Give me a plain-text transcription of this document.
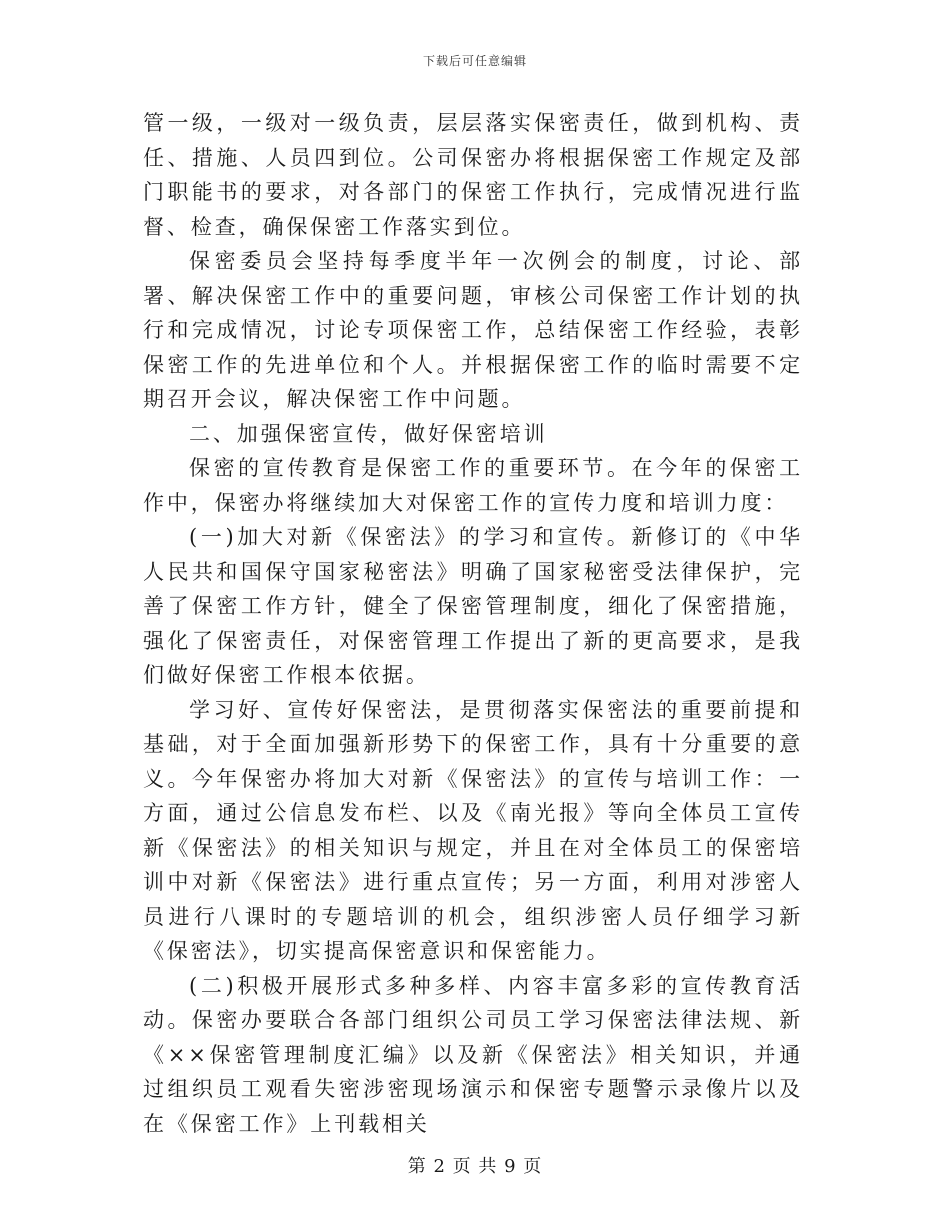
下载后可任意编辑

管一级，一级对一级负责，层层落实保密责任，做到机构、责任、措施、人员四到位。公司保密办将根据保密工作规定及部门职能书的要求，对各部门的保密工作执行，完成情况进行监督、检查，确保保密工作落实到位。

保密委员会坚持每季度半年一次例会的制度，讨论、部署、解决保密工作中的重要问题，审核公司保密工作计划的执行和完成情况，讨论专项保密工作，总结保密工作经验，表彰保密工作的先进单位和个人。并根据保密工作的临时需要不定期召开会议，解决保密工作中问题。

二、加强保密宣传，做好保密培训

保密的宣传教育是保密工作的重要环节。在今年的保密工作中，保密办将继续加大对保密工作的宣传力度和培训力度：

(一)加大对新《保密法》的学习和宣传。新修订的《中华人民共和国保守国家秘密法》明确了国家秘密受法律保护，完善了保密工作方针，健全了保密管理制度，细化了保密措施，强化了保密责任，对保密管理工作提出了新的更高要求，是我们做好保密工作根本依据。

学习好、宣传好保密法，是贯彻落实保密法的重要前提和基础，对于全面加强新形势下的保密工作，具有十分重要的意义。今年保密办将加大对新《保密法》的宣传与培训工作：一方面，通过公信息发布栏、以及《南光报》等向全体员工宣传新《保密法》的相关知识与规定，并且在对全体员工的保密培训中对新《保密法》进行重点宣传；另一方面，利用对涉密人员进行八课时的专题培训的机会，组织涉密人员仔细学习新《保密法》，切实提高保密意识和保密能力。

(二)积极开展形式多种多样、内容丰富多彩的宣传教育活动。保密办要联合各部门组织公司员工学习保密法律法规、新《××保密管理制度汇编》以及新《保密法》相关知识，并通过组织员工观看失密涉密现场演示和保密专题警示录像片以及在《保密工作》上刊载相关

第 2 页 共 9 页
